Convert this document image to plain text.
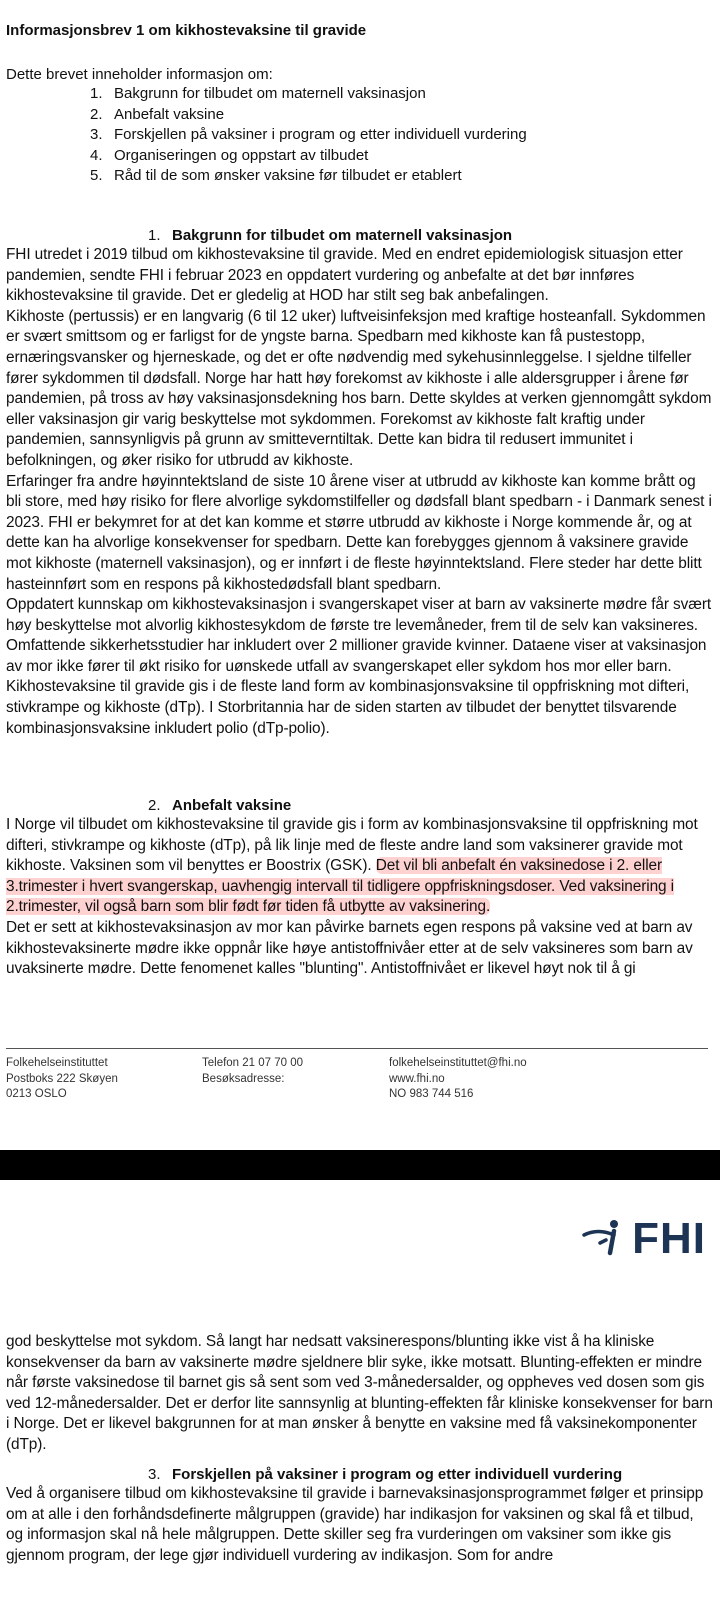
Informasjonsbrev 1 om kikhostevaksine til gravide

Dette brevet inneholder informasjon om:

1. Bakgrunn for tilbudet om maternell vaksinasjon
2. Anbefalt vaksine
3. Forskjellen på vaksiner i program og etter individuell vurdering
4. Organiseringen og oppstart av tilbudet
5. Råd til de som ønsker vaksine før tilbudet er etablert

1. Bakgrunn for tilbudet om maternell vaksinasjon

FHI utredet i 2019 tilbud om kikhostevaksine til gravide. Med en endret epidemiologisk situasjon etter pandemien, sendte FHI i februar 2023 en oppdatert vurdering og anbefalte at det bør innføres kikhostevaksine til gravide. Det er gledelig at HOD har stilt seg bak anbefalingen.

Kikhoste (pertussis) er en langvarig (6 til 12 uker) luftveisinfeksjon med kraftige hosteanfall. Sykdommen er svært smittsom og er farligst for de yngste barna. Spedbarn med kikhoste kan få pustestopp, ernæringsvansker og hjerneskade, og det er ofte nødvendig med sykehusinnleggelse. I sjeldne tilfeller fører sykdommen til dødsfall. Norge har hatt høy forekomst av kikhoste i alle aldersgrupper i årene før pandemien, på tross av høy vaksinasjonsdekning hos barn. Dette skyldes at verken gjennomgått sykdom eller vaksinasjon gir varig beskyttelse mot sykdommen. Forekomst av kikhoste falt kraftig under pandemien, sannsynligvis på grunn av smitteverntiltak. Dette kan bidra til redusert immunitet i befolkningen, og øker risiko for utbrudd av kikhoste.

Erfaringer fra andre høyinntektsland de siste 10 årene viser at utbrudd av kikhoste kan komme brått og bli store, med høy risiko for flere alvorlige sykdomstilfeller og dødsfall blant spedbarn - i Danmark senest i 2023. FHI er bekymret for at det kan komme et større utbrudd av kikhoste i Norge kommende år, og at dette kan ha alvorlige konsekvenser for spedbarn. Dette kan forebygges gjennom å vaksinere gravide mot kikhoste (maternell vaksinasjon), og er innført i de fleste høyinntektsland. Flere steder har dette blitt hasteinnført som en respons på kikhostedødsfall blant spedbarn.

Oppdatert kunnskap om kikhostevaksinasjon i svangerskapet viser at barn av vaksinerte mødre får svært høy beskyttelse mot alvorlig kikhostesykdom de første tre levemåneder, frem til de selv kan vaksineres. Omfattende sikkerhetsstudier har inkludert over 2 millioner gravide kvinner. Dataene viser at vaksinasjon av mor ikke fører til økt risiko for uønskede utfall av svangerskapet eller sykdom hos mor eller barn.

Kikhostevaksine til gravide gis i de fleste land form av kombinasjonsvaksine til oppfriskning mot difteri, stivkrampe og kikhoste (dTp). I Storbritannia har de siden starten av tilbudet der benyttet tilsvarende kombinasjonsvaksine inkludert polio (dTp-polio).

2. Anbefalt vaksine

I Norge vil tilbudet om kikhostevaksine til gravide gis i form av kombinasjonsvaksine til oppfriskning mot difteri, stivkrampe og kikhoste (dTp), på lik linje med de fleste andre land som vaksinerer gravide mot kikhoste. Vaksinen som vil benyttes er Boostrix (GSK). Det vil bli anbefalt én vaksinedose i 2. eller 3.trimester i hvert svangerskap, uavhengig intervall til tidligere oppfriskningsdoser. Ved vaksinering i 2.trimester, vil også barn som blir født før tiden få utbytte av vaksinering.

Det er sett at kikhostevaksinasjon av mor kan påvirke barnets egen respons på vaksine ved at barn av kikhostevaksinerte mødre ikke oppnår like høye antistoffnivåer etter at de selv vaksineres som barn av uvaksinerte mødre. Dette fenomenet kalles "blunting". Antistoffnivået er likevel høyt nok til å gi

Folkehelseinstituttet
Postboks 222 Skøyen
0213 OSLO
Telefon 21 07 70 00
Besøksadresse:
folkehelseinstituttet@fhi.no
www.fhi.no
NO 983 744 516
FHI

god beskyttelse mot sykdom. Så langt har nedsatt vaksinerespons/blunting ikke vist å ha kliniske konsekvenser da barn av vaksinerte mødre sjeldnere blir syke, ikke motsatt. Blunting-effekten er mindre når første vaksinedose til barnet gis så sent som ved 3-månedersalder, og oppheves ved dosen som gis ved 12-månedersalder. Det er derfor lite sannsynlig at blunting-effekten får kliniske konsekvenser for barn i Norge. Det er likevel bakgrunnen for at man ønsker å benytte en vaksine med få vaksinekomponenter (dTp).

3. Forskjellen på vaksiner i program og etter individuell vurdering

Ved å organisere tilbud om kikhostevaksine til gravide i barnevaksinasjonsprogrammet følger et prinsipp om at alle i den forhåndsdefinerte målgruppen (gravide) har indikasjon for vaksinen og skal få et tilbud, og informasjon skal nå hele målgruppen. Dette skiller seg fra vurderingen om vaksiner som ikke gis gjennom program, der lege gjør individuell vurdering av indikasjon. Som for andre
